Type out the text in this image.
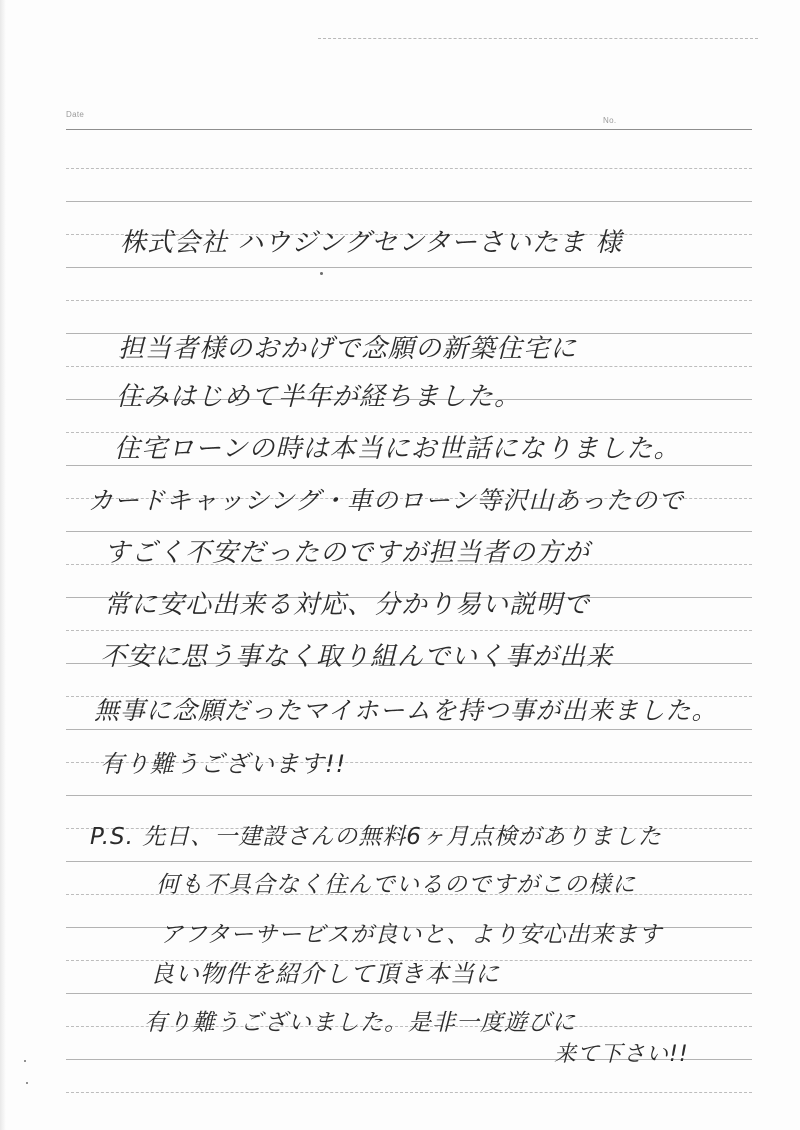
Date
No.
株式会社 ハウジングセンターさいたま 様
担当者様のおかげで念願の新築住宅に
住みはじめて半年が経ちました。
住宅ローンの時は本当にお世話になりました。
カードキャッシング・車のローン等沢山あったので
すごく不安だったのですが担当者の方が
常に安心出来る対応、分かり易い説明で
不安に思う事なく取り組んでいく事が出来
無事に念願だったマイホームを持つ事が出来ました。
有り難うございます!!
P.S. 先日、一建設さんの無料6ヶ月点検がありました
何も不具合なく住んでいるのですがこの様に
アフターサービスが良いと、より安心出来ます
良い物件を紹介して頂き本当に
有り難うございました。是非一度遊びに
来て下さい!!
